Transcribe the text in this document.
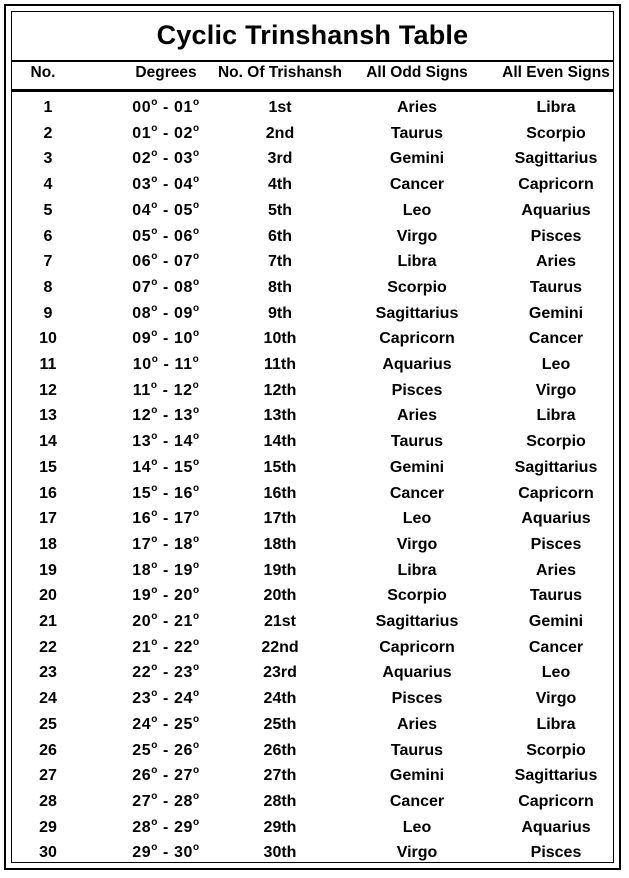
Cyclic Trinshansh Table
No.	Degrees	No. Of Trishansh	All Odd Signs	All Even Signs
1	00$^o$ - 01$^o$	1st	Aries	Libra
2	01$^o$ - 02$^o$	2nd	Taurus	Scorpio
3	02$^o$ - 03$^o$	3rd	Gemini	Sagittarius
4	03$^o$ - 04$^o$	4th	Cancer	Capricorn
5	04$^o$ - 05$^o$	5th	Leo	Aquarius
6	05$^o$ - 06$^o$	6th	Virgo	Pisces
7	06$^o$ - 07$^o$	7th	Libra	Aries
8	07$^o$ - 08$^o$	8th	Scorpio	Taurus
9	08$^o$ - 09$^o$	9th	Sagittarius	Gemini
10	09$^o$ - 10$^o$	10th	Capricorn	Cancer
11	10$^o$ - 11$^o$	11th	Aquarius	Leo
12	11$^o$ - 12$^o$	12th	Pisces	Virgo
13	12$^o$ - 13$^o$	13th	Aries	Libra
14	13$^o$ - 14$^o$	14th	Taurus	Scorpio
15	14$^o$ - 15$^o$	15th	Gemini	Sagittarius
16	15$^o$ - 16$^o$	16th	Cancer	Capricorn
17	16$^o$ - 17$^o$	17th	Leo	Aquarius
18	17$^o$ - 18$^o$	18th	Virgo	Pisces
19	18$^o$ - 19$^o$	19th	Libra	Aries
20	19$^o$ - 20$^o$	20th	Scorpio	Taurus
21	20$^o$ - 21$^o$	21st	Sagittarius	Gemini
22	21$^o$ - 22$^o$	22nd	Capricorn	Cancer
23	22$^o$ - 23$^o$	23rd	Aquarius	Leo
24	23$^o$ - 24$^o$	24th	Pisces	Virgo
25	24$^o$ - 25$^o$	25th	Aries	Libra
26	25$^o$ - 26$^o$	26th	Taurus	Scorpio
27	26$^o$ - 27$^o$	27th	Gemini	Sagittarius
28	27$^o$ - 28$^o$	28th	Cancer	Capricorn
29	28$^o$ - 29$^o$	29th	Leo	Aquarius
30	29$^o$ - 30$^o$	30th	Virgo	Pisces
